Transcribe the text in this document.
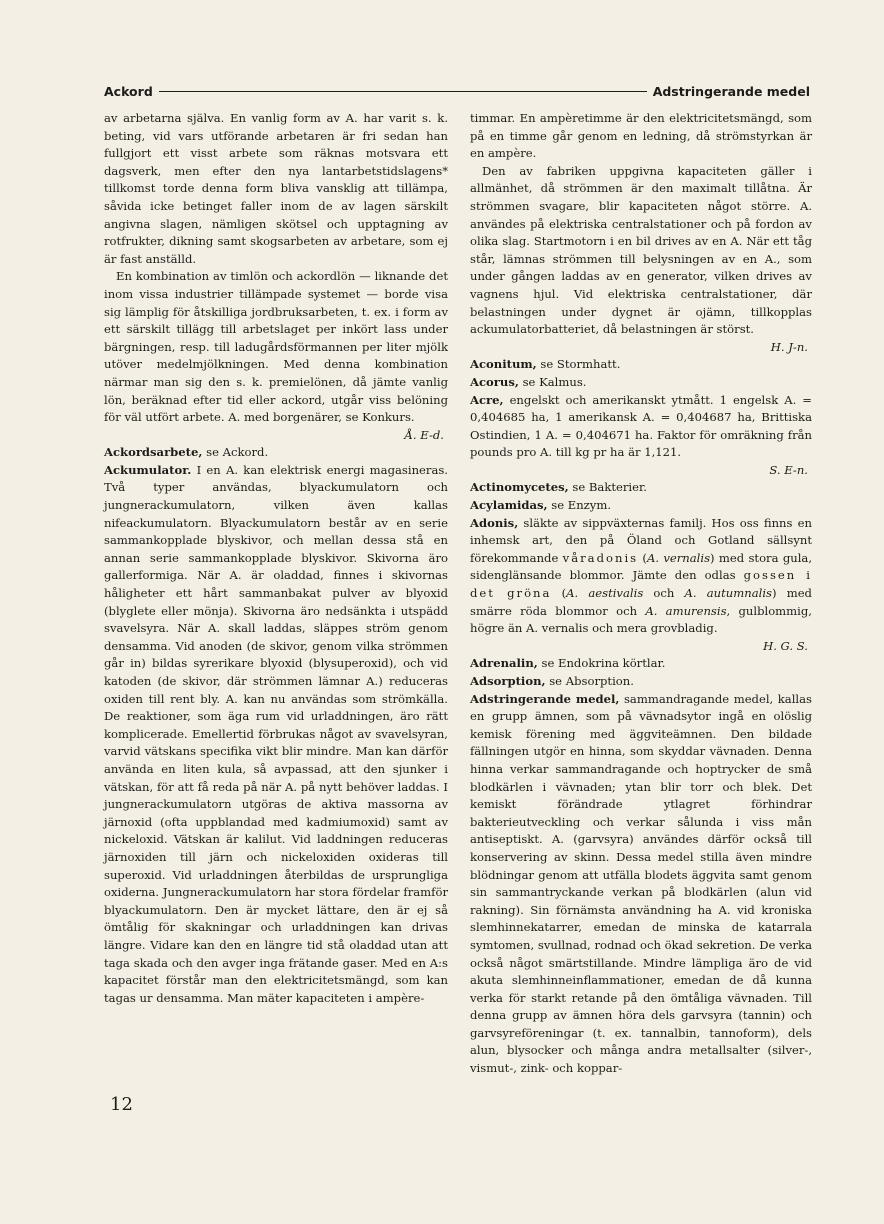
Ackord	Adstringerande medel

av arbetarna själva. En vanlig form av A. har varit s. k. beting, vid vars utförande arbetaren är fri sedan han fullgjort ett visst arbete som räknas motsvara ett dagsverk, men efter den nya lantarbetstidslagens* tillkomst torde denna form bliva vansklig att tillämpa, såvida icke betinget faller inom de av lagen särskilt angivna slagen, nämligen skötsel och upptagning av rotfrukter, dikning samt skogsarbeten av arbetare, som ej är fast anställd.

En kombination av timlön och ackordlön — liknande det inom vissa industrier tillämpade systemet — borde visa sig lämplig för åtskilliga jordbruksarbeten, t. ex. i form av ett särskilt tillägg till arbetslaget per inkört lass under bärgningen, resp. till ladugårdsförmannen per liter mjölk utöver medelmjölkningen. Med denna kombination närmar man sig den s. k. premielönen, då jämte vanlig lön, beräknad efter tid eller ackord, utgår viss belöning för väl utfört arbete. A. med borgenärer, se Konkurs.
Å. E-d.

Ackordsarbete, se Ackord.

Ackumulator. I en A. kan elektrisk energi magasineras. Två typer användas, blyackumulatorn och jungnerackumulatorn, vilken även kallas nifeackumulatorn. Blyackumulatorn består av en serie sammankopplade blyskivor, och mellan dessa stå en annan serie sammankopplade blyskivor. Skivorna äro gallerformiga. När A. är oladdad, finnes i skivornas håligheter ett hårt sammanbakat pulver av blyoxid (blyglete eller mönja). Skivorna äro nedsänkta i utspädd svavelsyra. När A. skall laddas, släppes ström genom densamma. Vid anoden (de skivor, genom vilka strömmen går in) bildas syrerikare blyoxid (blysuperoxid), och vid katoden (de skivor, där strömmen lämnar A.) reduceras oxiden till rent bly. A. kan nu användas som strömkälla. De reaktioner, som äga rum vid urladdningen, äro rätt komplicerade. Emellertid förbrukas något av svavelsyran, varvid vätskans specifika vikt blir mindre. Man kan därför använda en liten kula, så avpassad, att den sjunker i vätskan, för att få reda på när A. på nytt behöver laddas. I jungnerackumulatorn utgöras de aktiva massorna av järnoxid (ofta uppblandad med kadmiumoxid) samt av nickeloxid. Vätskan är kalilut. Vid laddningen reduceras järnoxiden till järn och nickeloxiden oxideras till superoxid. Vid urladdningen återbildas de ursprungliga oxiderna. Jungnerackumulatorn har stora fördelar framför blyackumulatorn. Den är mycket lättare, den är ej så ömtålig för skakningar och urladdningen kan drivas längre. Vidare kan den en längre tid stå oladdad utan att taga skada och den avger inga frätande gaser. Med en A:s kapacitet förstår man den elektricitetsmängd, som kan tagas ur densamma. Man mäter kapaciteten i ampère-

timmar. En ampèretimme är den elektricitetsmängd, som på en timme går genom en ledning, då strömstyrkan är en ampère.

Den av fabriken uppgivna kapaciteten gäller i allmänhet, då strömmen är den maximalt tillåtna. Är strömmen svagare, blir kapaciteten något större. A. användes på elektriska centralstationer och på fordon av olika slag. Startmotorn i en bil drives av en A. När ett tåg står, lämnas strömmen till belysningen av en A., som under gången laddas av en generator, vilken drives av vagnens hjul. Vid elektriska centralstationer, där belastningen under dygnet är ojämn, tillkopplas ackumulatorbatteriet, då belastningen är störst.
H. J-n.

Aconitum, se Stormhatt.

Acorus, se Kalmus.

Acre, engelskt och amerikanskt ytmått. 1 engelsk A. = 0,404685 ha, 1 amerikansk A. = 0,404687 ha, Brittiska Ostindien, 1 A. = 0,404671 ha. Faktor för omräkning från pounds pro A. till kg pr ha är 1,121.
S. E-n.

Actinomycetes, se Bakterier.

Acylamidas, se Enzym.

Adonis, släkte av sippväxternas familj. Hos oss finns en inhemsk art, den på Öland och Gotland sällsynt förekommande våradonis (A. vernalis) med stora gula, sidenglänsande blommor. Jämte den odlas gossen i det gröna (A. aestivalis och A. autumnalis) med smärre röda blommor och A. amurensis, gulblommig, högre än A. vernalis och mera grovbladig.
H. G. S.

Adrenalin, se Endokrina körtlar.

Adsorption, se Absorption.

Adstringerande medel, sammandragande medel, kallas en grupp ämnen, som på vävnadsytor ingå en olöslig kemisk förening med äggviteämnen. Den bildade fällningen utgör en hinna, som skyddar vävnaden. Denna hinna verkar sammandragande och hoptrycker de små blodkärlen i vävnaden; ytan blir torr och blek. Det kemiskt förändrade ytlagret förhindrar bakterieutveckling och verkar sålunda i viss mån antiseptiskt. A. (garvsyra) användes därför också till konservering av skinn. Dessa medel stilla även mindre blödningar genom att utfälla blodets äggvita samt genom sin sammantryckande verkan på blodkärlen (alun vid rakning). Sin förnämsta användning ha A. vid kroniska slemhinnekatarrer, emedan de minska de katarrala symtomen, svullnad, rodnad och ökad sekretion. De verka också något smärtstillande. Mindre lämpliga äro de vid akuta slemhinneinflammationer, emedan de då kunna verka för starkt retande på den ömtåliga vävnaden. Till denna grupp av ämnen höra dels garvsyra (tannin) och garvsyreföreningar (t. ex. tannalbin, tannoform), dels alun, blysocker och många andra metallsalter (silver-, vismut-, zink- och koppar-

12
